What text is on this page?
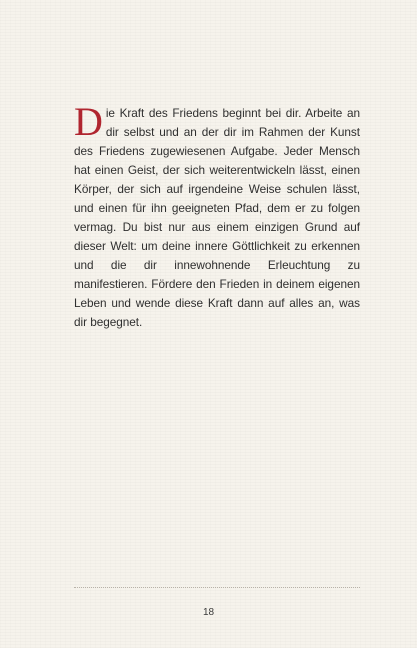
Die Kraft des Friedens beginnt bei dir. Arbeite an dir selbst und an der dir im Rahmen der Kunst des Friedens zugewiesenen Aufgabe. Jeder Mensch hat einen Geist, der sich weiterentwickeln lässt, einen Körper, der sich auf irgendeine Weise schulen lässt, und einen für ihn geeigneten Pfad, dem er zu folgen vermag. Du bist nur aus einem einzigen Grund auf dieser Welt: um deine innere Göttlichkeit zu erkennen und die dir innewohnende Erleuchtung zu manifestieren. Fördere den Frieden in deinem eigenen Leben und wende diese Kraft dann auf alles an, was dir begegnet.

18
